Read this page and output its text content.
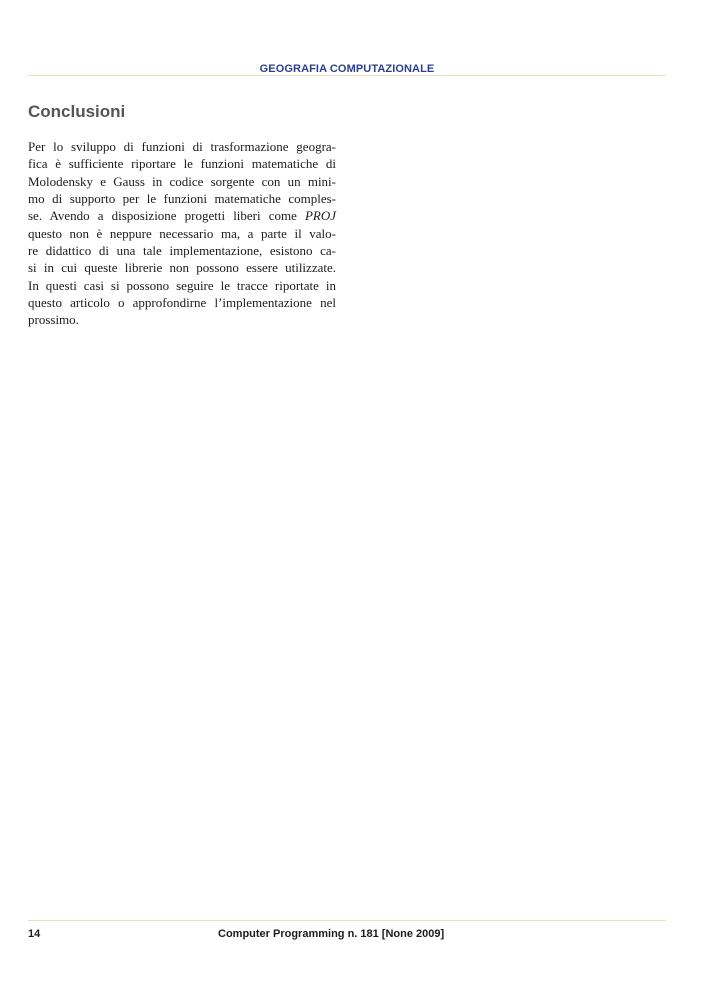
GEOGRAFIA COMPUTAZIONALE
Conclusioni
Per lo sviluppo di funzioni di trasformazione geogra-
fica è sufficiente riportare le funzioni matematiche di
Molodensky e Gauss in codice sorgente con un mini-
mo di supporto per le funzioni matematiche comples-
se. Avendo a disposizione progetti liberi come PROJ
questo non è neppure necessario ma, a parte il valo-
re didattico di una tale implementazione, esistono ca-
si in cui queste librerie non possono essere utilizzate.
In questi casi si possono seguire le tracce riportate in
questo articolo o approfondirne l’implementazione nel
prossimo.
14	Computer Programming n. 181 [None 2009]
